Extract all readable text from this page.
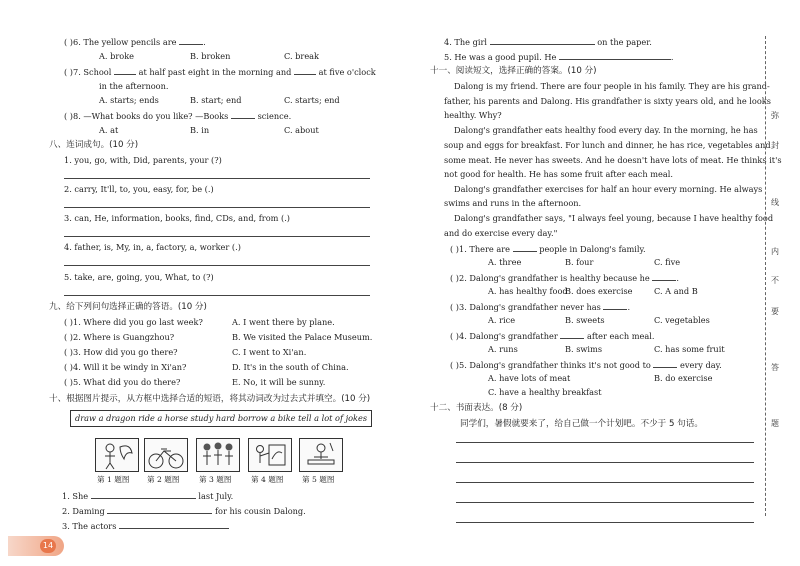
( )6. The yellow pencils are	.
A. broke	B. broken	C. break
( )7. School	at half past eight in the morning and	at five o'clock
in the afternoon.
A. starts; ends	B. start; end	C. starts; end
( )8. —What books do you like? —Books	science.
A. at	B. in	C. about
八、连词成句。(10 分)
1. you, go, with, Did, parents, your (?)
2. carry, It'll, to, you, easy, for, be (.)
3. can, He, information, books, find, CDs, and, from (.)
4. father, is, My, in, a, factory, a, worker (.)
5. take, are, going, you, What, to (?)
九、给下列问句选择正确的答语。(10 分)
( )1. Where did you go last week?	A. I went there by plane.
( )2. Where is Guangzhou?	B. We visited the Palace Museum.
( )3. How did you go there?	C. I went to Xi'an.
( )4. Will it be windy in Xi'an?	D. It's in the south of China.
( )5. What did you do there?	E. No, it will be sunny.
十、根据图片提示，从方框中选择合适的短语，将其动词改为过去式并填空。(10 分)
draw a dragon ride a horse study hard borrow a bike tell a lot of jokes
第 1 题图 第 2 题图	第 3 题图	第 4 题图 第 5 题图
1. She	last July.
2. Daming	for his cousin Dalong.
3. The actors
14
4. The girl	on the paper.
5. He was a good pupil. He	.
十一、阅读短文，选择正确的答案。(10 分)
Dalong is my friend. There are four people in his family. They are his grand-
father, his parents and Dalong. His grandfather is sixty years old, and he looks
healthy. Why?
Dalong's grandfather eats healthy food every day. In the morning, he has
soup and eggs for breakfast. For lunch and dinner, he has rice, vegetables and
some meat. He never has sweets. And he doesn't have lots of meat. He thinks it's
not good for health. He has some fruit after each meal.
Dalong's grandfather exercises for half an hour every morning. He always
swims and runs in the afternoon.
Dalong's grandfather says, "I always feel young, because I have healthy food
and do exercise every day."
( )1. There are	people in Dalong's family.
A. three	B. four	C. five
( )2. Dalong's grandfather is healthy because he	.
A. has healthy food
B. does exercise	C. A and B
( )3. Dalong's grandfather never has	.
A. rice	B. sweets	C. vegetables
( )4. Dalong's grandfather	after each meal.
A. runs	B. swims	C. has some fruit
( )5. Dalong's grandfather thinks it's not good to	every day.
A. have lots of meat	B. do exercise
C. have a healthy breakfast
十二、书面表达。(8 分)
同学们，暑假就要来了，给自己做一个计划吧。不少于 5 句话。
弥
封
线
内
不
要
答
题
